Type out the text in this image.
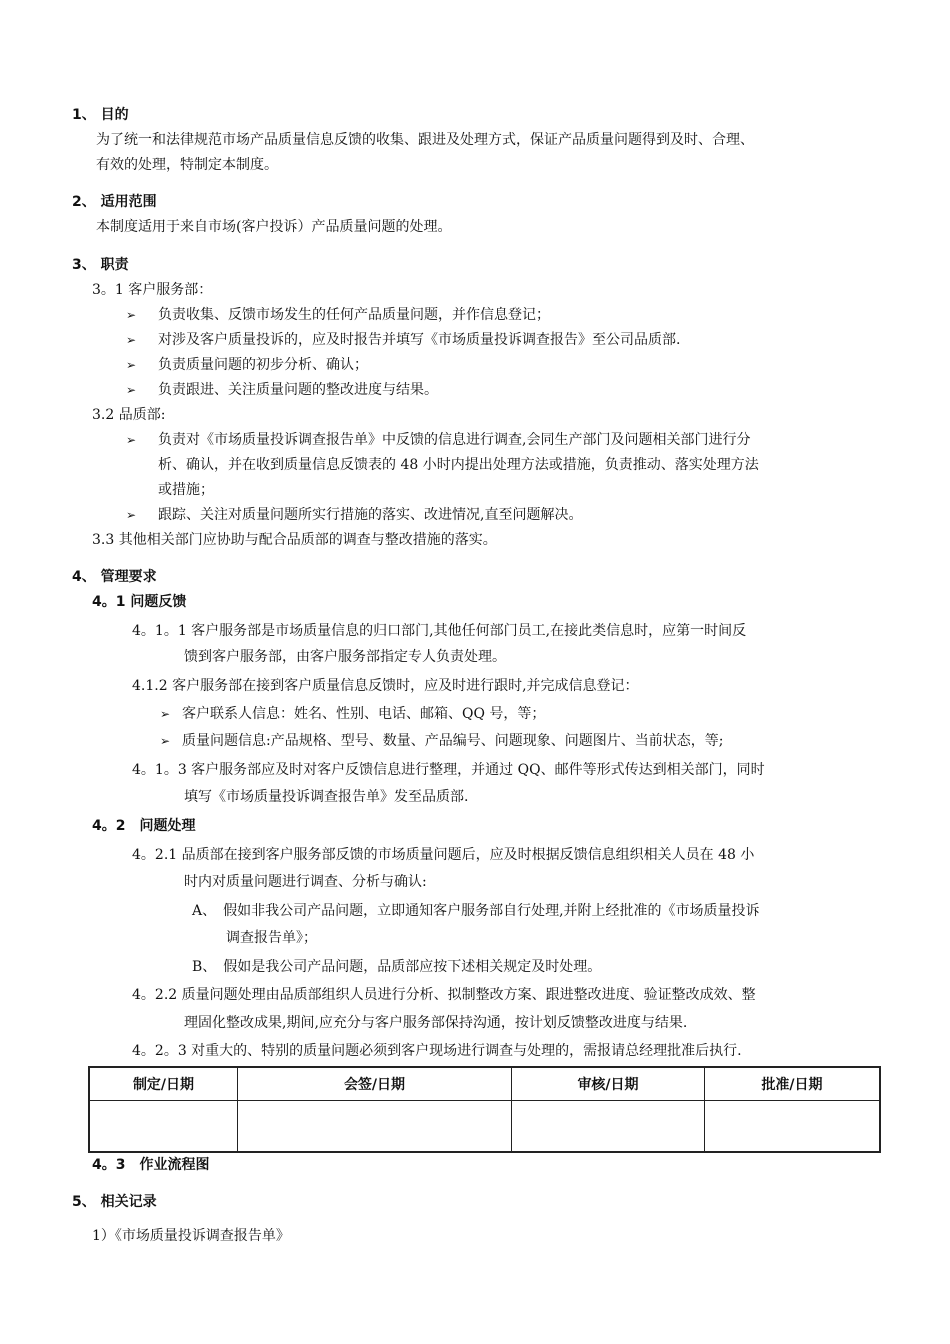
1、 目的
为了统一和法律规范市场产品质量信息反馈的收集、跟进及处理方式，保证产品质量问题得到及时、合理、
有效的处理，特制定本制度。
2、 适用范围
本制度适用于来自市场(客户投诉）产品质量问题的处理。
3、 职责
3。1 客户服务部：
➢ 负责收集、反馈市场发生的任何产品质量问题，并作信息登记；
➢ 对涉及客户质量投诉的，应及时报告并填写《市场质量投诉调查报告》至公司品质部.
➢ 负责质量问题的初步分析、确认；
➢ 负责跟进、关注质量问题的整改进度与结果。
3.2 品质部:
➢ 负责对《市场质量投诉调查报告单》中反馈的信息进行调查,会同生产部门及问题相关部门进行分
析、确认，并在收到质量信息反馈表的 48 小时内提出处理方法或措施，负责推动、落实处理方法
或措施；
➢ 跟踪、关注对质量问题所实行措施的落实、改进情况,直至问题解决。
3.3 其他相关部门应协助与配合品质部的调查与整改措施的落实。
4、 管理要求
4。1 问题反馈
4。1。1 客户服务部是市场质量信息的归口部门,其他任何部门员工,在接此类信息时，应第一时间反
馈到客户服务部，由客户服务部指定专人负责处理。
4.1.2 客户服务部在接到客户质量信息反馈时，应及时进行跟时,并完成信息登记：
➢ 客户联系人信息：姓名、性别、电话、邮箱、QQ 号，等；
➢ 质量问题信息:产品规格、型号、数量、产品编号、问题现象、问题图片、当前状态，等;
4。1。3 客户服务部应及时对客户反馈信息进行整理，并通过 QQ、邮件等形式传达到相关部门，同时
填写《市场质量投诉调查报告单》发至品质部.
4。2　问题处理
4。2.1 品质部在接到客户服务部反馈的市场质量问题后，应及时根据反馈信息组织相关人员在 48 小
时内对质量问题进行调查、分析与确认:
A、　假如非我公司产品问题，立即通知客户服务部自行处理,并附上经批准的《市场质量投诉
调查报告单》；
B、　假如是我公司产品问题，品质部应按下述相关规定及时处理。
4。2.2 质量问题处理由品质部组织人员进行分析、拟制整改方案、跟进整改进度、验证整改成效、整
理固化整改成果,期间,应充分与客户服务部保持沟通，按计划反馈整改进度与结果.
4。2。3 对重大的、特别的质量问题必须到客户现场进行调查与处理的，需报请总经理批准后执行.
制定/日期	会签/日期	审核/日期	批准/日期

4。3　作业流程图
5、 相关记录
1）《市场质量投诉调查报告单》
